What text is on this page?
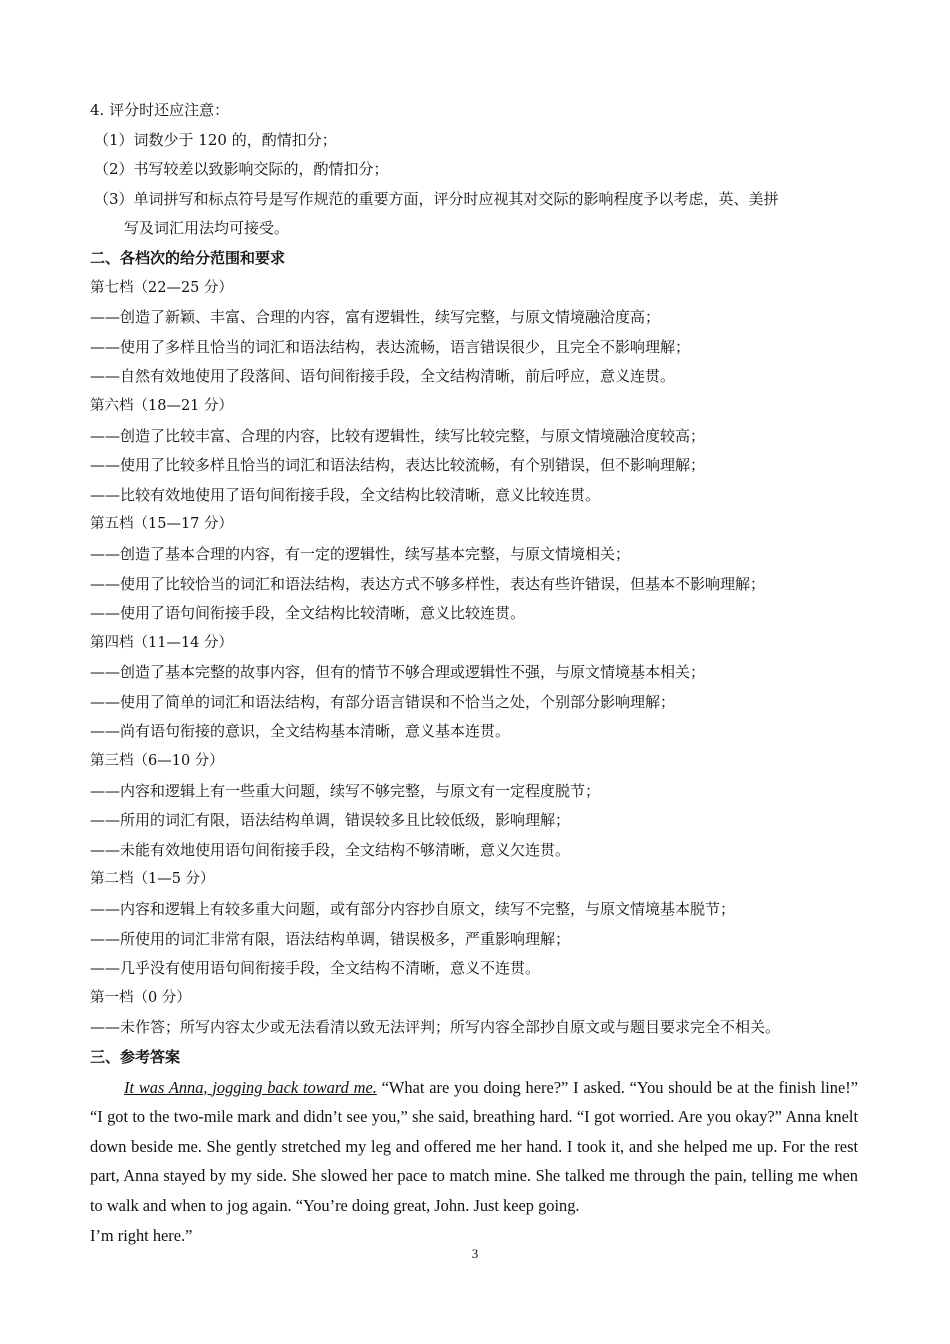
4. 评分时还应注意：
（1）词数少于 120 的，酌情扣分；
（2）书写较差以致影响交际的，酌情扣分；
（3）单词拼写和标点符号是写作规范的重要方面，评分时应视其对交际的影响程度予以考虑，英、美拼
写及词汇用法均可接受。
二、各档次的给分范围和要求
第七档（22—25 分）
——创造了新颖、丰富、合理的内容，富有逻辑性，续写完整，与原文情境融洽度高；
——使用了多样且恰当的词汇和语法结构，表达流畅，语言错误很少，且完全不影响理解；
——自然有效地使用了段落间、语句间衔接手段，全文结构清晰，前后呼应，意义连贯。
第六档（18—21 分）
——创造了比较丰富、合理的内容，比较有逻辑性，续写比较完整，与原文情境融洽度较高；
——使用了比较多样且恰当的词汇和语法结构，表达比较流畅，有个别错误，但不影响理解；
——比较有效地使用了语句间衔接手段，全文结构比较清晰，意义比较连贯。
第五档（15—17 分）
——创造了基本合理的内容，有一定的逻辑性，续写基本完整，与原文情境相关；
——使用了比较恰当的词汇和语法结构，表达方式不够多样性，表达有些许错误，但基本不影响理解；
——使用了语句间衔接手段，全文结构比较清晰，意义比较连贯。
第四档（11—14 分）
——创造了基本完整的故事内容，但有的情节不够合理或逻辑性不强，与原文情境基本相关；
——使用了简单的词汇和语法结构，有部分语言错误和不恰当之处，个别部分影响理解；
——尚有语句衔接的意识，全文结构基本清晰，意义基本连贯。
第三档（6—10 分）
——内容和逻辑上有一些重大问题，续写不够完整，与原文有一定程度脱节；
——所用的词汇有限，语法结构单调，错误较多且比较低级，影响理解；
——未能有效地使用语句间衔接手段，全文结构不够清晰，意义欠连贯。
第二档（1—5 分）
——内容和逻辑上有较多重大问题，或有部分内容抄自原文，续写不完整，与原文情境基本脱节；
——所使用的词汇非常有限，语法结构单调，错误极多，严重影响理解；
——几乎没有使用语句间衔接手段，全文结构不清晰，意义不连贯。
第一档（0 分）
——未作答；所写内容太少或无法看清以致无法评判；所写内容全部抄自原文或与题目要求完全不相关。
三、参考答案

It was Anna, jogging back toward me. “What are you doing here?” I asked. “You should be at the finish line!” “I got to the two-mile mark and didn’t see you,” she said, breathing hard. “I got worried. Are you okay?” Anna knelt down beside me. She gently stretched my leg and offered me her hand. I took it, and she helped me up. For the rest part, Anna stayed by my side. She slowed her pace to match mine. She talked me through the pain, telling me when to walk and when to jog again. “You’re doing great, John. Just keep going.

I’m right here.”

3
